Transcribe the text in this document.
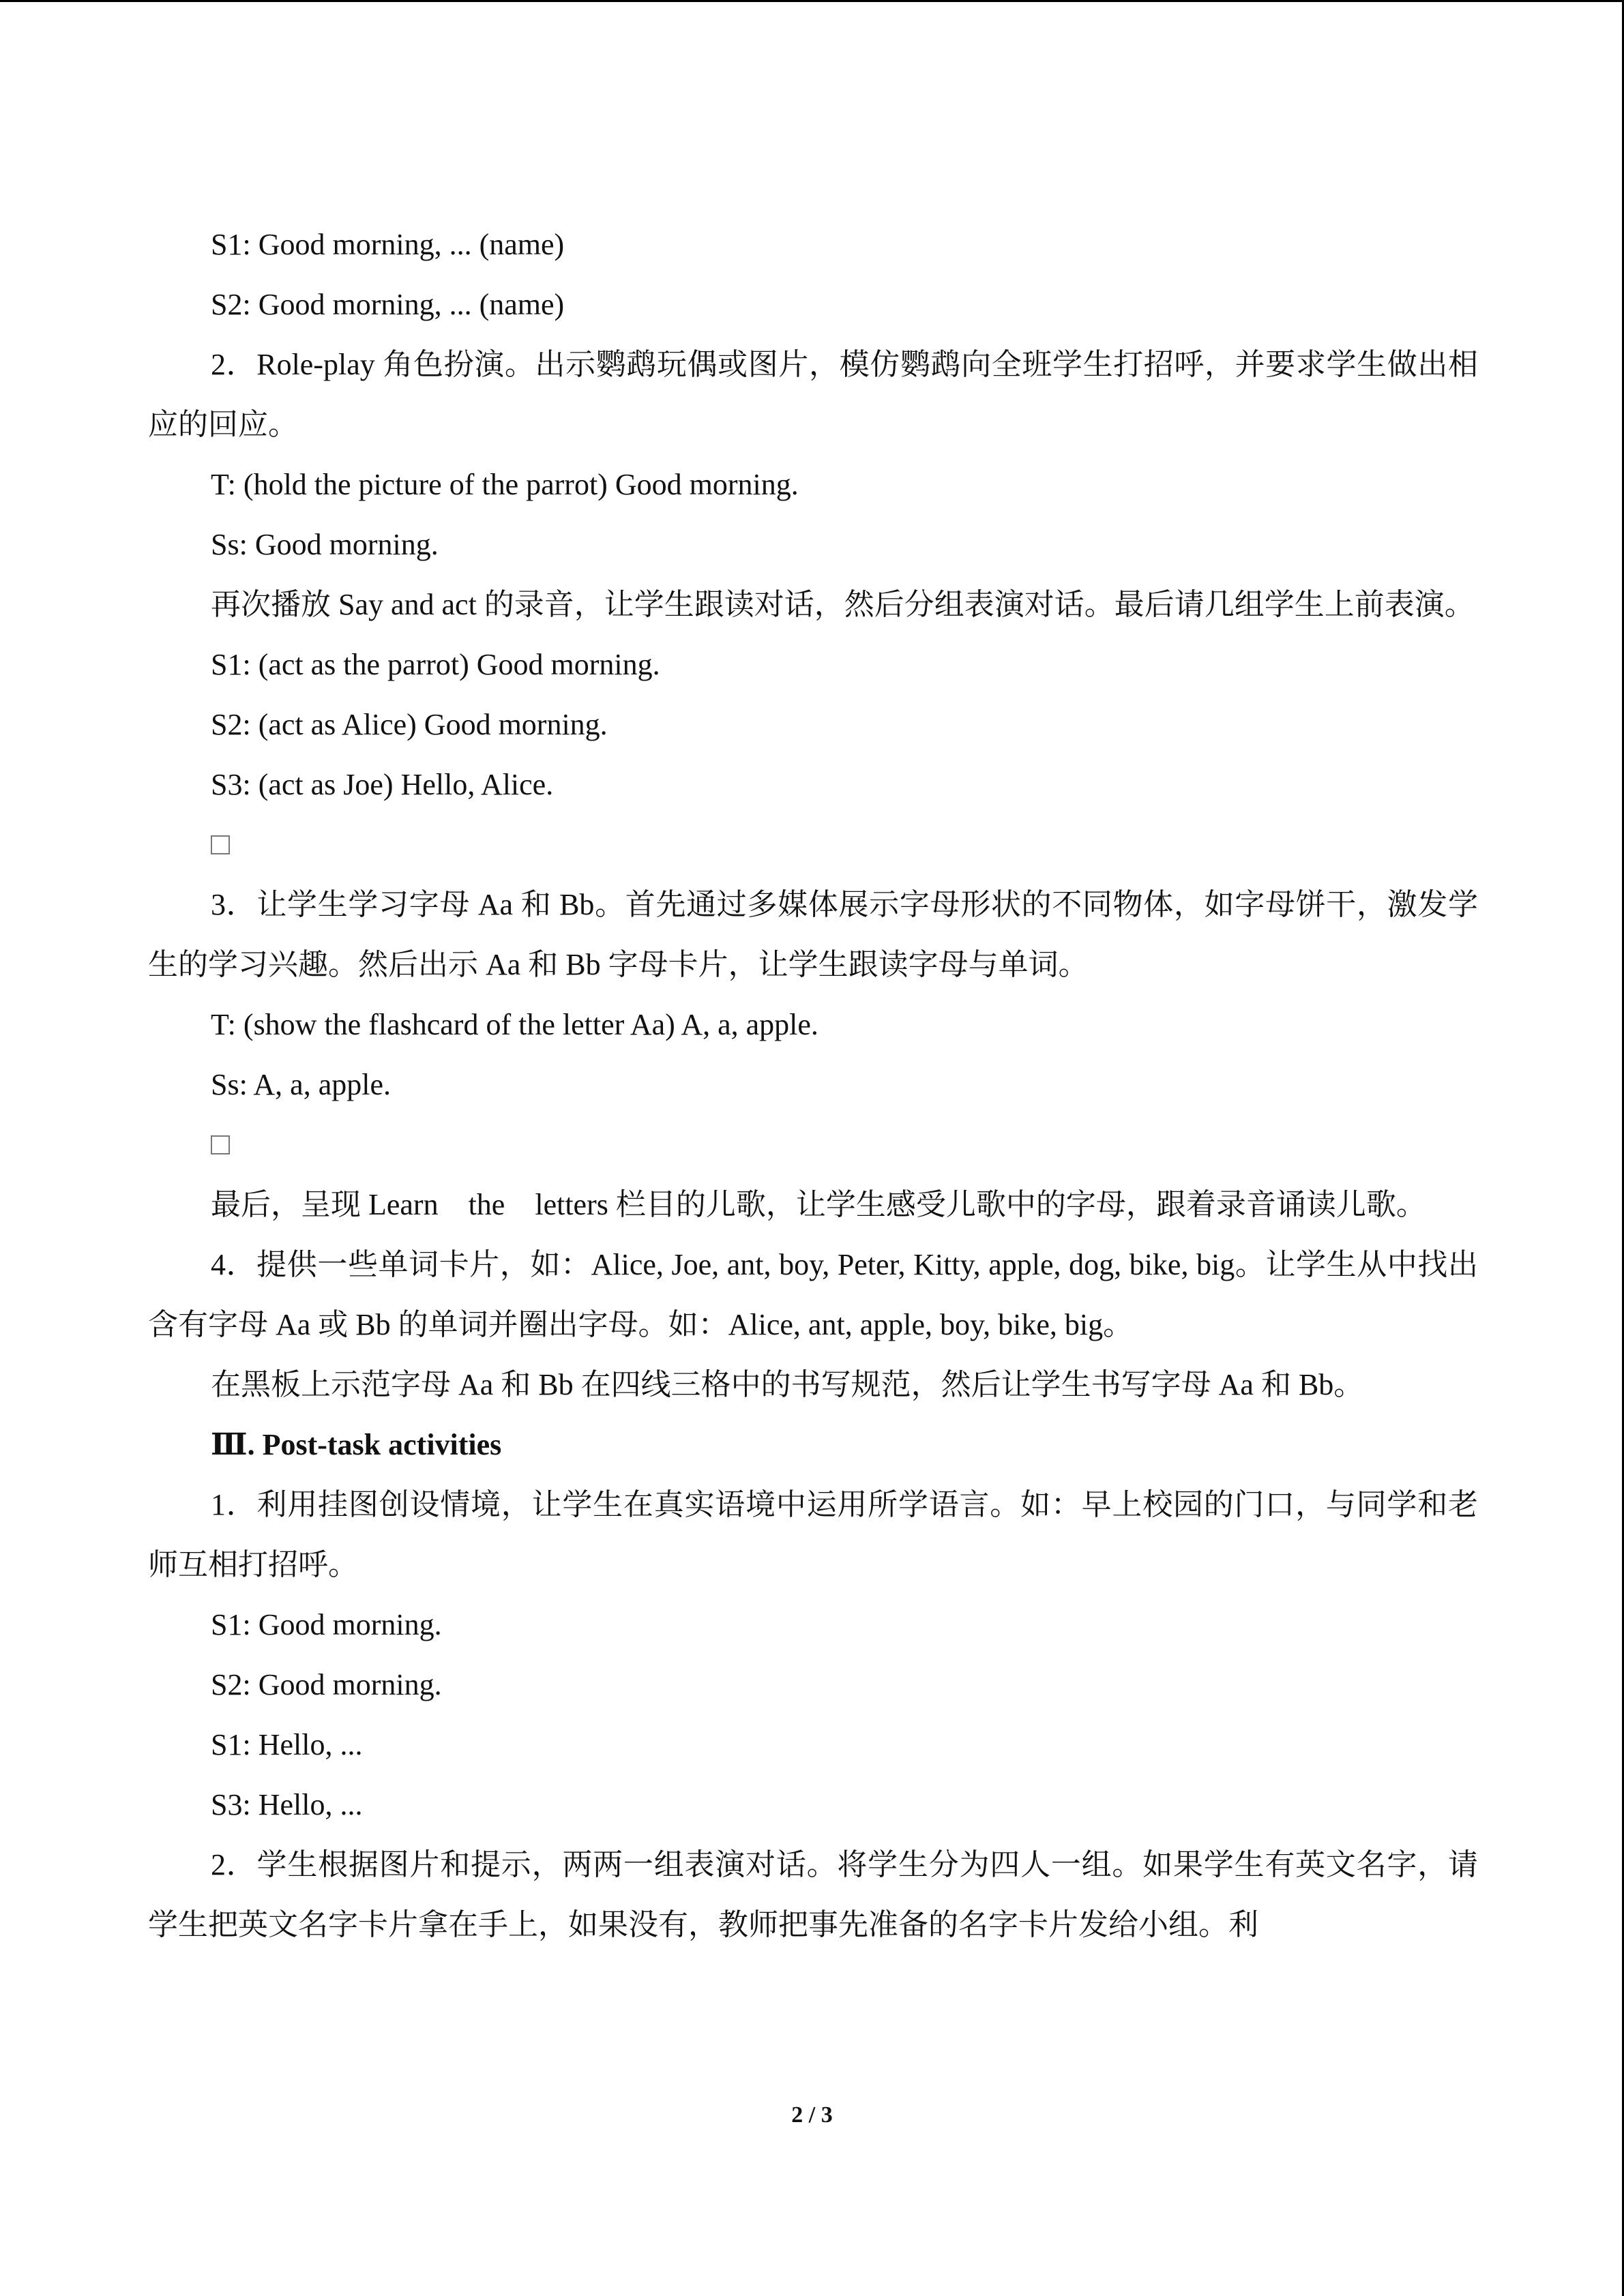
S1: Good morning, ... (name)

S2: Good morning, ... (name)

2．Role-play 角色扮演。出示鹦鹉玩偶或图片，模仿鹦鹉向全班学生打招呼，并要求学生做出相应的回应。

T: (hold the picture of the parrot) Good morning.

Ss: Good morning.

再次播放 Say and act 的录音，让学生跟读对话，然后分组表演对话。最后请几组学生上前表演。

S1: (act as the parrot) Good morning.

S2: (act as Alice) Good morning.

S3: (act as Joe) Hello, Alice.

3．让学生学习字母 Aa 和 Bb。首先通过多媒体展示字母形状的不同物体，如字母饼干，激发学生的学习兴趣。然后出示 Aa 和 Bb 字母卡片，让学生跟读字母与单词。

T: (show the flashcard of the letter Aa) A, a, apple.

Ss: A, a, apple.

最后，呈现 Learn　the　letters 栏目的儿歌，让学生感受儿歌中的字母，跟着录音诵读儿歌。

4．提供一些单词卡片，如：Alice, Joe, ant, boy, Peter, Kitty, apple, dog, bike, big。让学生从中找出含有字母 Aa 或 Bb 的单词并圈出字母。如：Alice, ant, apple, boy, bike, big。

在黑板上示范字母 Aa 和 Bb 在四线三格中的书写规范，然后让学生书写字母 Aa 和 Bb。

Ⅲ. Post-task activities

1．利用挂图创设情境，让学生在真实语境中运用所学语言。如：早上校园的门口，与同学和老师互相打招呼。

S1: Good morning.

S2: Good morning.

S1: Hello, ...

S3: Hello, ...

2．学生根据图片和提示，两两一组表演对话。将学生分为四人一组。如果学生有英文名字，请学生把英文名字卡片拿在手上，如果没有，教师把事先准备的名字卡片发给小组。利

2 / 3
